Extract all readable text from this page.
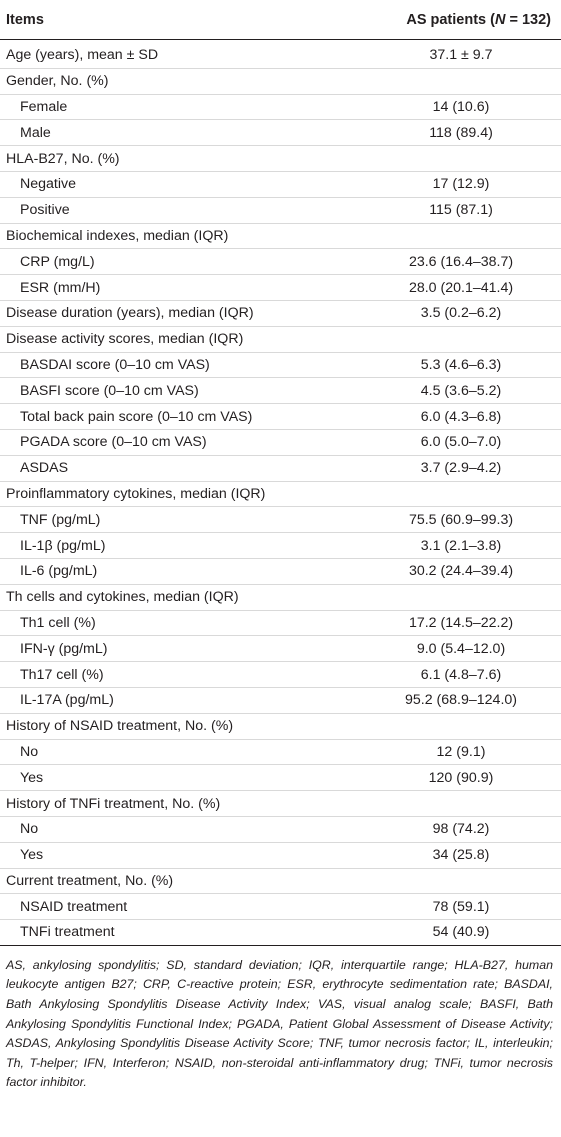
Items	AS patients (N = 132)
Age (years), mean ± SD	37.1 ± 9.7
Gender, No. (%)
Female	14 (10.6)
Male	118 (89.4)
HLA-B27, No. (%)
Negative	17 (12.9)
Positive	115 (87.1)
Biochemical indexes, median (IQR)
CRP (mg/L)	23.6 (16.4–38.7)
ESR (mm/H)	28.0 (20.1–41.4)
Disease duration (years), median (IQR)	3.5 (0.2–6.2)
Disease activity scores, median (IQR)
BASDAI score (0–10 cm VAS)	5.3 (4.6–6.3)
BASFI score (0–10 cm VAS)	4.5 (3.6–5.2)
Total back pain score (0–10 cm VAS)	6.0 (4.3–6.8)
PGADA score (0–10 cm VAS)	6.0 (5.0–7.0)
ASDAS	3.7 (2.9–4.2)
Proinflammatory cytokines, median (IQR)
TNF (pg/mL)	75.5 (60.9–99.3)
IL-1β (pg/mL)	3.1 (2.1–3.8)
IL-6 (pg/mL)	30.2 (24.4–39.4)
Th cells and cytokines, median (IQR)
Th1 cell (%)	17.2 (14.5–22.2)
IFN-γ (pg/mL)	9.0 (5.4–12.0)
Th17 cell (%)	6.1 (4.8–7.6)
IL-17A (pg/mL)	95.2 (68.9–124.0)
History of NSAID treatment, No. (%)
No	12 (9.1)
Yes	120 (90.9)
History of TNFi treatment, No. (%)
No	98 (74.2)
Yes	34 (25.8)
Current treatment, No. (%)
NSAID treatment	78 (59.1)
TNFi treatment	54 (40.9)
AS, ankylosing spondylitis; SD, standard deviation; IQR, interquartile range; HLA-B27, human leukocyte antigen B27; CRP, C-reactive protein; ESR, erythrocyte sedimentation rate; BASDAI, Bath Ankylosing Spondylitis Disease Activity Index; VAS, visual analog scale; BASFI, Bath Ankylosing Spondylitis Functional Index; PGADA, Patient Global Assessment of Disease Activity; ASDAS, Ankylosing Spondylitis Disease Activity Score; TNF, tumor necrosis factor; IL, interleukin; Th, T-helper; IFN, Interferon; NSAID, non-steroidal anti-inflammatory drug; TNFi, tumor necrosis factor inhibitor.
